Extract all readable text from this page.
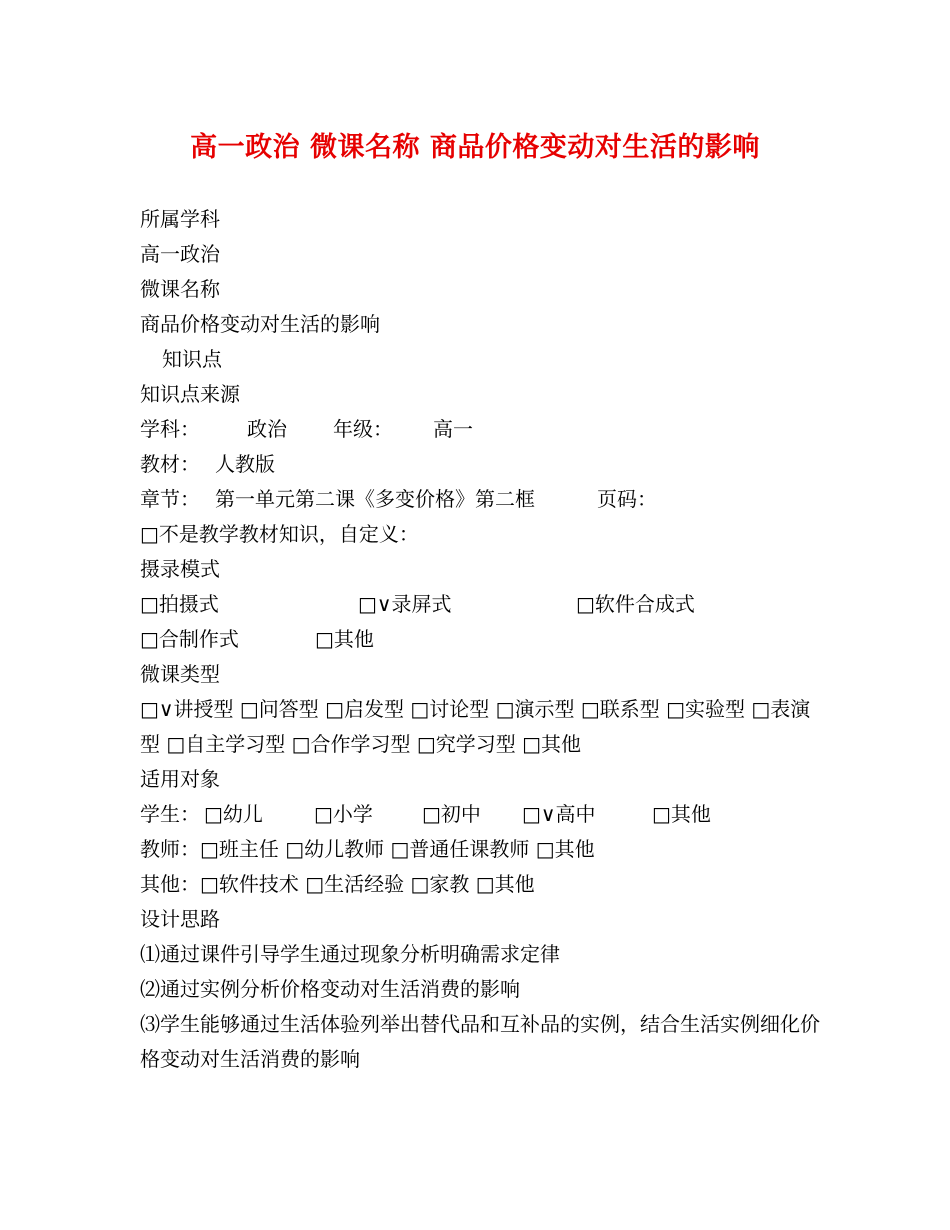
高一政治 微课名称 商品价格变动对生活的影响
所属学科
高一政治
微课名称
商品价格变动对生活的影响
知识点
知识点来源
学科： 政治 年级： 高一
教材： 人教版
章节： 第一单元第二课《多变价格》第二框	页码：
□不是教学教材知识，自定义：
摄录模式
□拍摄式	□∨录屏式	□软件合成式
□合制作式	□其他
微课类型
□∨讲授型 □问答型 □启发型 □讨论型 □演示型 □联系型 □实验型 □表演型 □自主学习型 □合作学习型 □究学习型 □其他
适用对象
学生： □幼儿	□小学 □初中 □∨高中	□其他
教师：□班主任 □幼儿教师 □普通任课教师 □其他
其他：□软件技术 □生活经验 □家教 □其他
设计思路
⑴通过课件引导学生通过现象分析明确需求定律
⑵通过实例分析价格变动对生活消费的影响
⑶学生能够通过生活体验列举出替代品和互补品的实例，结合生活实例细化价格变动对生活消费的影响
